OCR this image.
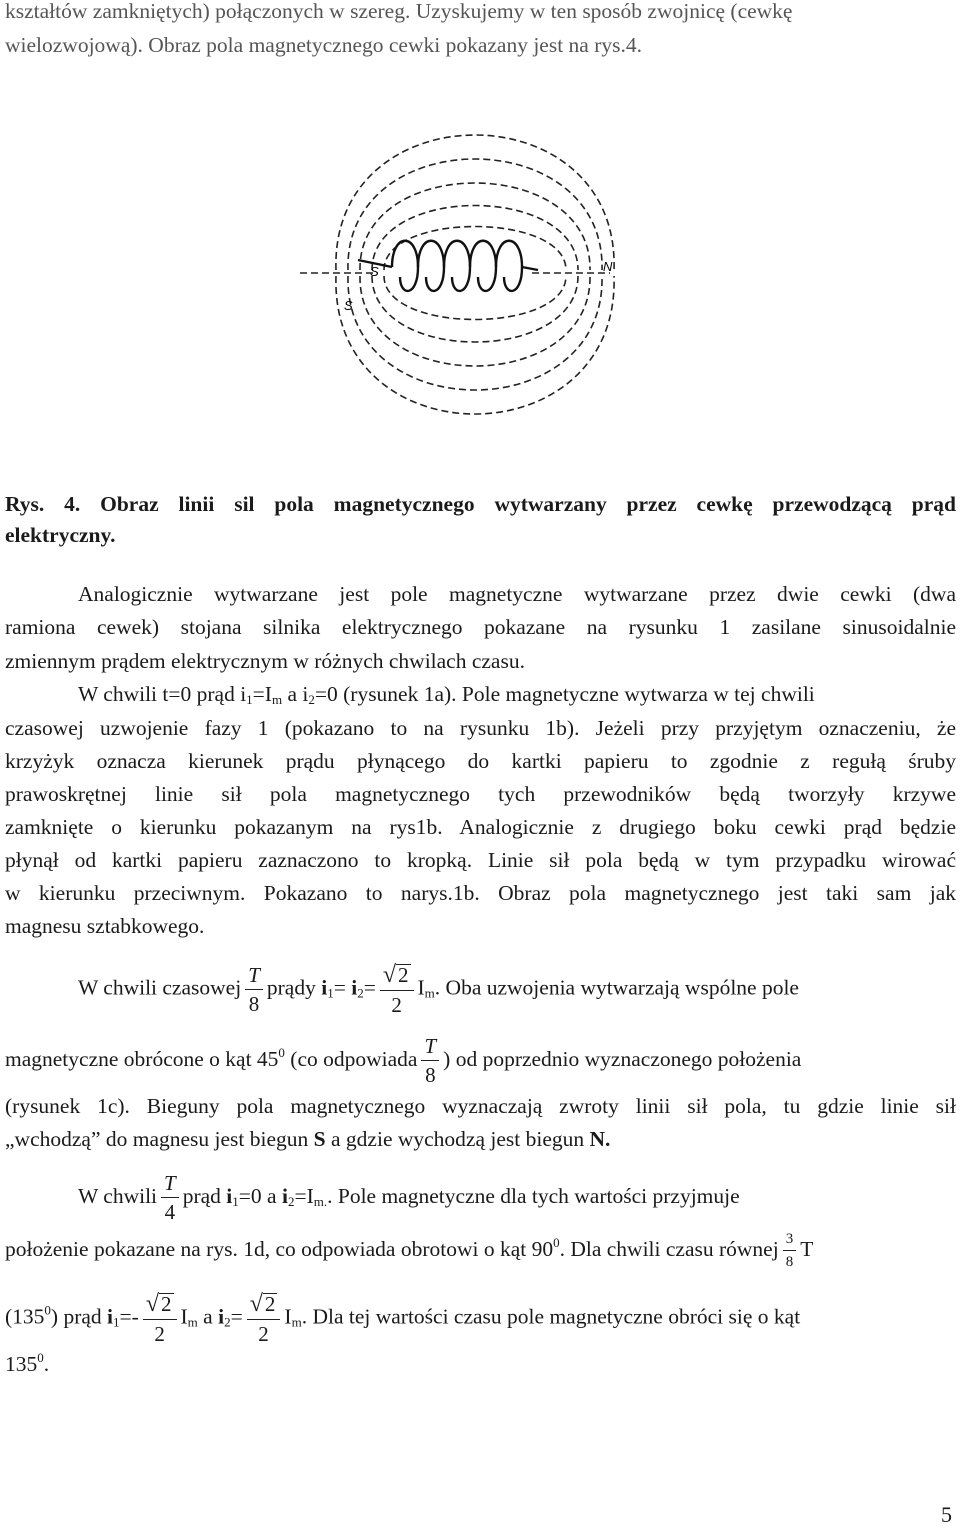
kształtów zamkniętych) połączonych w szereg. Uzyskujemy w ten sposób zwojnicę (cewkę
wielozwojową). Obraz pola magnetycznego cewki pokazany jest na rys.4.
S
S
N
Rys. 4. Obraz linii sil pola magnetycznego wytwarzany przez cewkę przewodzącą prąd
elektryczny.
Analogicznie wytwarzane jest pole magnetyczne wytwarzane przez dwie cewki (dwa
ramiona cewek) stojana silnika elektrycznego pokazane na rysunku 1 zasilane sinusoidalnie
zmiennym prądem elektrycznym w różnych chwilach czasu.
W chwili t=0 prąd $i_1=I_m$ a $i_2=0$ (rysunek 1a). Pole magnetyczne wytwarza w tej chwili
czasowej uzwojenie fazy 1 (pokazano to na rysunku 1b). Jeżeli przy przyjętym oznaczeniu, że
krzyżyk oznacza kierunek prądu płynącego do kartki papieru to zgodnie z regułą śruby
prawoskrętnej linie sił pola magnetycznego tych przewodników będą tworzyły krzywe
zamknięte o kierunku pokazanym na rys1b. Analogicznie z drugiego boku cewki prąd będzie
płynął od kartki papieru zaznaczono to kropką. Linie sił pola będą w tym przypadku wirować
w kierunku przeciwnym. Pokazano to narys.1b. Obraz pola magnetycznego jest taki sam jak
magnesu sztabkowego.
W chwili czasowej $\frac{T}{8}$ prądy $i_1= i_2= \frac{√2}{2} I_m$. Oba uzwojenia wytwarzają wspólne pole
magnetyczne obrócone o kąt $45^0$ (co odpowiada $\frac{T}{8}$ ) od poprzednio wyznaczonego położenia
(rysunek 1c). Bieguny pola magnetycznego wyznaczają zwroty linii sił pola, tu gdzie linie sił
„wchodzą” do magnesu jest biegun S a gdzie wychodzą jest biegun N.
W chwili $\frac{T}{4}$ prąd $i_1=0$ a $i_2=I_{m.}$. Pole magnetyczne dla tych wartości przyjmuje
położenie pokazane na rys. 1d, co odpowiada obrotowi o kąt $90^0$. Dla chwili czasu równej $\frac{3}{8}$ T
$(135^0)$ prąd $i_1=- \frac{√2}{2} I_m$ a $i_2= \frac{√2}{2} I_m$. Dla tej wartości czasu pole magnetyczne obróci się o kąt
$135^0$.
5
